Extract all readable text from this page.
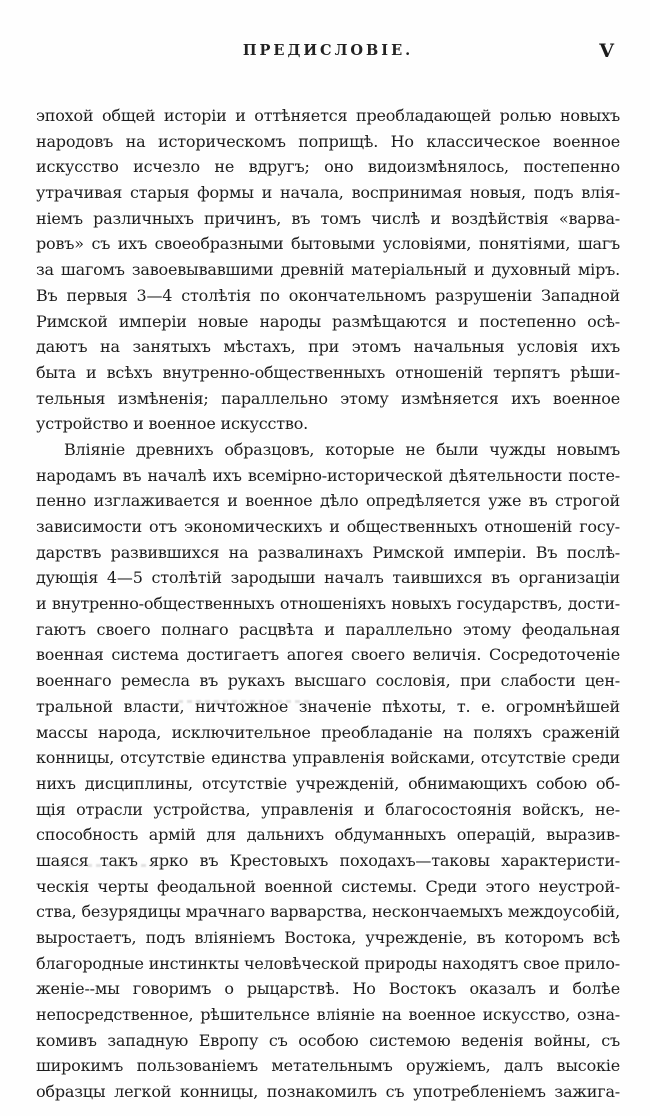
ПРЕДИСЛОВІЕ.	V
эпохой общей исторіи и оттѣняется преобладающей ролью новыхъ
народовъ на историческомъ поприщѣ. Но классическое военное
искусство исчезло не вдругъ; оно видоизмѣнялось, постепенно
утрачивая старыя формы и начала, воспринимая новыя, подъ влія-
ніемъ различныхъ причинъ, въ томъ числѣ и воздѣйствія «варва-
ровъ» съ ихъ своеобразными бытовыми условіями, понятіями, шагъ
за шагомъ завоевывавшими древній матеріальный и духовный міръ.
Въ первыя 3—4 столѣтія по окончательномъ разрушеніи Западной
Римской имперіи новые народы размѣщаются и постепенно осѣ-
даютъ на занятыхъ мѣстахъ, при этомъ начальныя условія ихъ
быта и всѣхъ внутренно-общественныхъ отношеній терпятъ рѣши-
тельныя измѣненія; параллельно этому измѣняется ихъ военное
устройство и военное искусство.
Вліяніе древнихъ образцовъ, которые не были чужды новымъ
народамъ въ началѣ ихъ всемірно-исторической дѣятельности посте-
пенно изглаживается и военное дѣло опредѣляется уже въ строгой
зависимости отъ экономическихъ и общественныхъ отношеній госу-
дарствъ развившихся на развалинахъ Римской имперіи. Въ послѣ-
дующія 4—5 столѣтій зародыши началъ таившихся въ организаціи
и внутренно-общественныхъ отношеніяхъ новыхъ государствъ, дости-
гаютъ своего полнаго расцвѣта и параллельно этому феодальная
военная система достигаетъ апогея своего величія. Сосредоточеніе
военнаго ремесла въ рукахъ высшаго сословія, при слабости цен-
тральной власти, ничтожное значеніе пѣхоты, т. е. огромнѣйшей
массы народа, исключительное преобладаніе на поляхъ сраженій
конницы, отсутствіе единства управленія войсками, отсутствіе среди
нихъ дисциплины, отсутствіе учрежденій, обнимающихъ собою об-
щія отрасли устройства, управленія и благосостоянія войскъ, не-
способность армій для дальнихъ обдуманныхъ операцій, выразив-
шаяся такъ ярко въ Крестовыхъ походахъ—таковы характеристи-
ческія черты феодальной военной системы. Среди этого неустрой-
ства, безурядицы мрачнаго варварства, нескончаемыхъ междоусобій,
выростаетъ, подъ вліяніемъ Востока, учрежденіе, въ которомъ всѣ
благородные инстинкты человѣческой природы находятъ свое прило-
женіе--мы говоримъ о рыцарствѣ. Но Востокъ оказалъ и болѣе
непосредственное, рѣшительнсе вліяніе на военное искусство, озна-
комивъ западную Европу съ особою системою веденія войны, съ
широкимъ пользованіемъ метательнымъ оружіемъ, далъ высокіе
образцы легкой конницы, познакомилъ съ употребленіемъ зажига-
